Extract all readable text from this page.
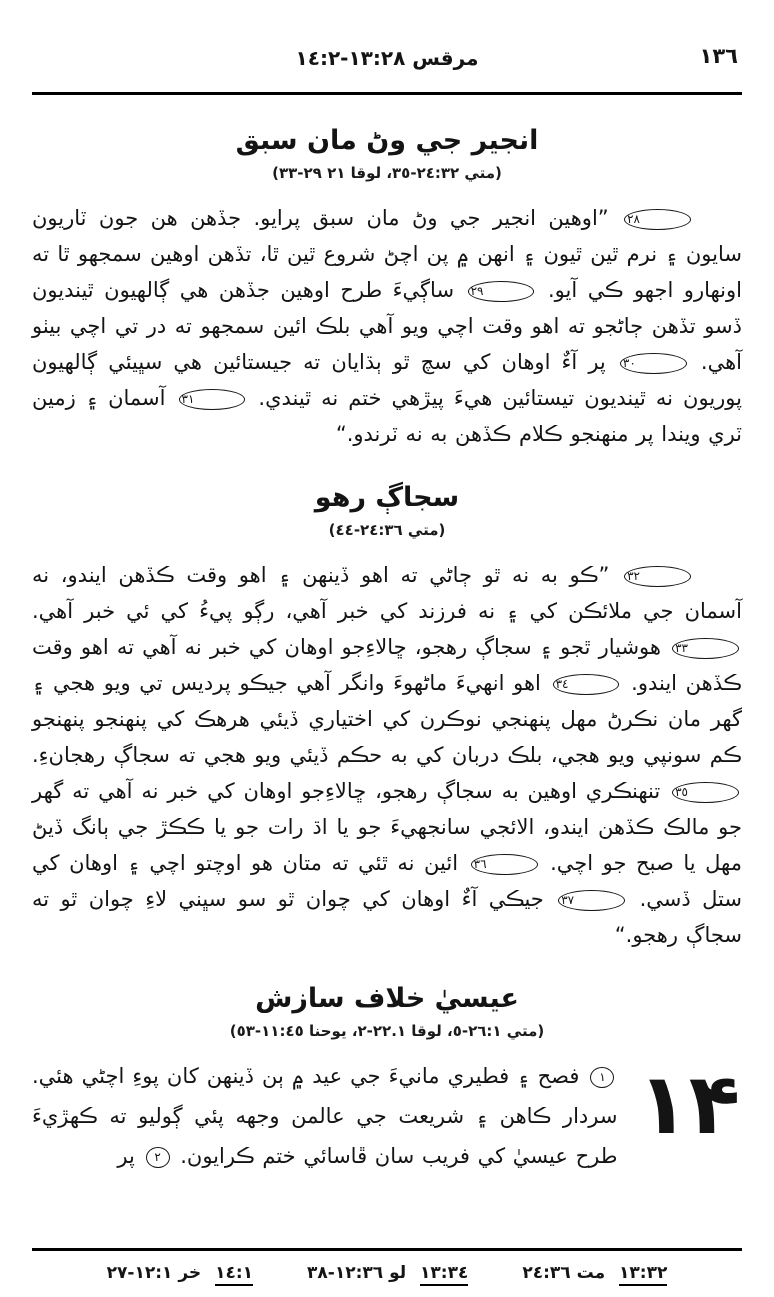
مرقس ١٣:٢٨-١٤:٢	١٣٦
انجير جي وڻ مان سبق
(متي ٢٤:٣٢-٣٥، لوقا ٢١ ٢٩-٣٣)

٢٨ ”اوهين انجير جي وڻ مان سبق پرايو. جڏهن هن جون ٽاريون سايون ۽ نرم ٿين ٿيون ۽ انهن ۾ پن اچڻ شروع ٿين ٿا، تڏهن اوهين سمجهو ٿا ته اونهارو اجهو ڪي آيو. ٢٩ ساڳيءَ طرح اوهين جڏهن هي ڳالهيون ٿينديون ڏسو تڏهن ڄاڻجو ته اهو وقت اچي ويو آهي بلڪ ائين سمجهو ته در تي اچي بيٺو آهي. ٣٠ پر آءٌ اوهان کي سچ ٿو ٻڌايان ته جيستائين هي سڀيئي ڳالهيون پوريون نه ٿينديون تيستائين هيءَ پيڙهي ختم نه ٿيندي. ٣١ آسمان ۽ زمين ٽري ويندا پر منهنجو ڪلام ڪڏهن به نه ٽرندو.“

سجاڳ رهو
(متي ٢٤:٣٦-٤٤)

٣٢ ”ڪو به نه ٿو ڄاڻي ته اهو ڏينهن ۽ اهو وقت ڪڏهن ايندو، نه آسمان جي ملائڪن کي ۽ نه فرزند کي خبر آهي، رڳو پيءُ کي ئي خبر آهي. ٣٣ هوشيار ٿجو ۽ سجاڳ رهجو، ڇالاءِجو اوهان کي خبر نه آهي ته اهو وقت ڪڏهن ايندو. ٣٤ اهو انهيءَ ماڻهوءَ وانگر آهي جيڪو پرديس تي ويو هجي ۽ گهر مان نڪرڻ مهل پنهنجي نوڪرن کي اختياري ڏيئي هرهڪ کي پنهنجو پنهنجو ڪم سونپي ويو هجي، بلڪ دربان کي به حڪم ڏيئي ويو هجي ته سجاڳ رهجانءِ. ٣٥ تنهنڪري اوهين به سجاڳ رهجو، ڇالاءِجو اوهان کي خبر نه آهي ته گهر جو مالڪ ڪڏهن ايندو، الائجي سانجهيءَ جو يا اڌ رات جو يا ڪڪڙ جي ٻانگ ڏيڻ مهل يا صبح جو اچي. ٣٦ ائين نه ٿئي ته متان هو اوچتو اچي ۽ اوهان کي ستل ڏسي. ٣٧ جيڪي آءٌ اوهان کي چوان ٿو سو سڀني لاءِ چوان ٿو ته سجاڳ رهجو.“

عيسيٰ خلاف سازش
(متي ٢٦:١-٥، لوقا ٢٢.١-٢، يوحنا ١١:٤٥-٥٣)

۱۴
١ فصح ۽ فطيري مانيءَ جي عيد ۾ ٻن ڏينهن کان پوءِ اچڻي هئي. سردار ڪاهن ۽ شريعت جي عالمن وجهه پئي ڳوليو ته ڪهڙيءَ طرح عيسيٰ کي فريب سان ڦاسائي ختم ڪرايون. ٢ پر

١٣:٣٢ مت ٢٤:٣٦
١٣:٣٤ لو ١٢:٣٦-٣٨
١٤:١ خر ١٢:١-٢٧
